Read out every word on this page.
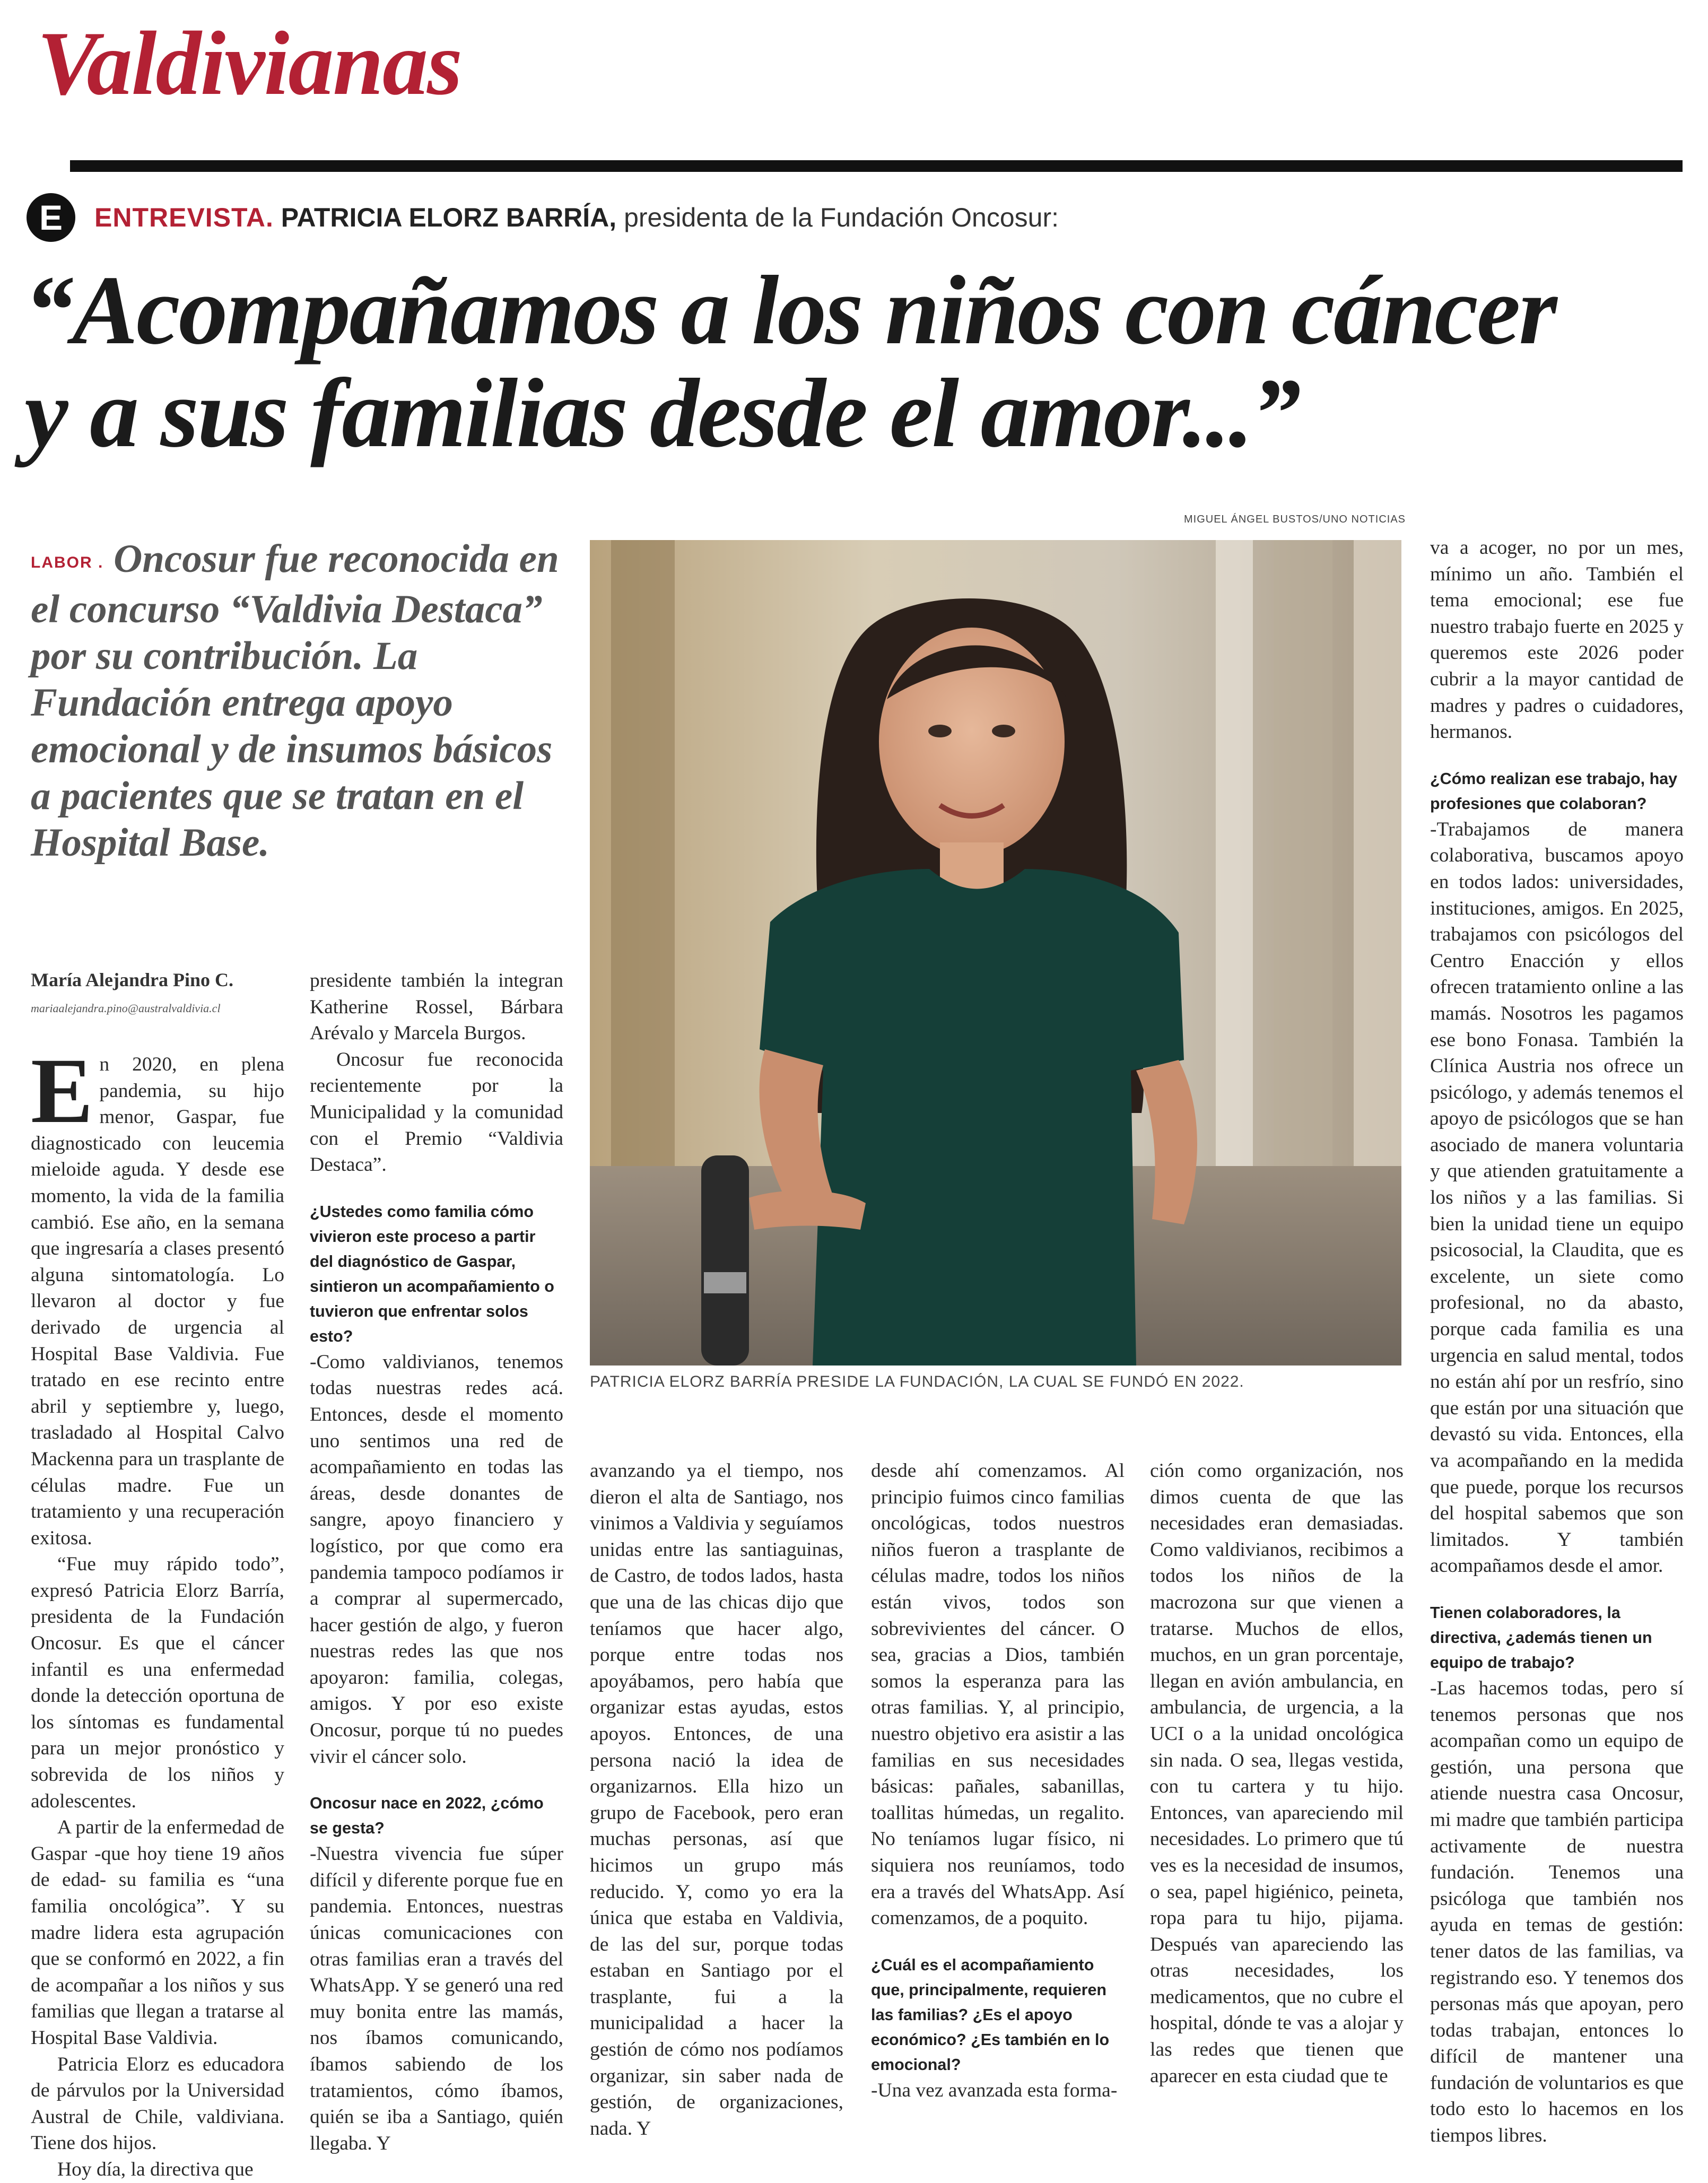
Valdivianas
E	ENTREVISTA. PATRICIA ELORZ BARRÍA, presidenta de la Fundación Oncosur:
“Acompañamos a los niños con cáncer
y a sus familias desde el amor...”
MIGUEL ÁNGEL BUSTOS/UNO NOTICIAS
LABOR . Oncosur fue reconocida en el concurso “Valdivia Destaca” por su contribución. La Fundación entrega apoyo emocional y de insumos básicos a pacientes que se tratan en el Hospital Base.
PATRICIA ELORZ BARRÍA PRESIDE LA FUNDACIÓN, LA CUAL SE FUNDÓ EN 2022.
María Alejandra Pino C.
mariaalejandra.pino@australvaldivia.cl

En 2020, en plena pandemia, su hijo menor, Gaspar, fue diagnosticado con leucemia mieloide aguda. Y desde ese momento, la vida de la familia cambió. Ese año, en la semana que ingresaría a clases presentó alguna sintomatología. Lo llevaron al doctor y fue derivado de urgencia al Hospital Base Valdivia. Fue tratado en ese recinto entre abril y septiembre y, luego, trasladado al Hospital Calvo Mackenna para un trasplante de células madre. Fue un tratamiento y una recuperación exitosa.

“Fue muy rápido todo”, expresó Patricia Elorz Barría, presidenta de la Fundación Oncosur. Es que el cáncer infantil es una enfermedad donde la detección oportuna de los síntomas es fundamental para un mejor pronóstico y sobrevida de los niños y adolescentes.

A partir de la enfermedad de Gaspar -que hoy tiene 19 años de edad- su familia es “una familia oncológica”. Y su madre lidera esta agrupación que se conformó en 2022, a fin de acompañar a los niños y sus familias que llegan a tratarse al Hospital Base Valdivia.

Patricia Elorz es educadora de párvulos por la Universidad Austral de Chile, valdiviana. Tiene dos hijos.

Hoy día, la directiva que

presidente también la integran Katherine Rossel, Bárbara Arévalo y Marcela Burgos.

Oncosur fue reconocida recientemente por la Municipalidad y la comunidad con el Premio “Valdivia Destaca”.

¿Ustedes como familia cómo vivieron este proceso a partir del diagnóstico de Gaspar, sintieron un acompañamiento o tuvieron que enfrentar solos esto?

-Como valdivianos, tenemos todas nuestras redes acá. Entonces, desde el momento uno sentimos una red de acompañamiento en todas las áreas, desde donantes de sangre, apoyo financiero y logístico, por que como era pandemia tampoco podíamos ir a comprar al supermercado, hacer gestión de algo, y fueron nuestras redes las que nos apoyaron: familia, colegas, amigos. Y por eso existe Oncosur, porque tú no puedes vivir el cáncer solo.

Oncosur nace en 2022, ¿cómo se gesta?

-Nuestra vivencia fue súper difícil y diferente porque fue en pandemia. Entonces, nuestras únicas comunicaciones con otras familias eran a través del WhatsApp. Y se generó una red muy bonita entre las mamás, nos íbamos comunicando, íbamos sabiendo de los tratamientos, cómo íbamos, quién se iba a Santiago, quién llegaba. Y

avanzando ya el tiempo, nos dieron el alta de Santiago, nos vinimos a Valdivia y seguíamos unidas entre las santiaguinas, de Castro, de todos lados, hasta que una de las chicas dijo que teníamos que hacer algo, porque entre todas nos apoyábamos, pero había que organizar estas ayudas, estos apoyos. Entonces, de una persona nació la idea de organizarnos. Ella hizo un grupo de Facebook, pero eran muchas personas, así que hicimos un grupo más reducido. Y, como yo era la única que estaba en Valdivia, de las del sur, porque todas estaban en Santiago por el trasplante, fui a la municipalidad a hacer la gestión de cómo nos podíamos organizar, sin saber nada de gestión, de organizaciones, nada. Y

desde ahí comenzamos. Al principio fuimos cinco familias oncológicas, todos nuestros niños fueron a trasplante de células madre, todos los niños están vivos, todos son sobrevivientes del cáncer. O sea, gracias a Dios, también somos la esperanza para las otras familias. Y, al principio, nuestro objetivo era asistir a las familias en sus necesidades básicas: pañales, sabanillas, toallitas húmedas, un regalito. No teníamos lugar físico, ni siquiera nos reuníamos, todo era a través del WhatsApp. Así comenzamos, de a poquito.

¿Cuál es el acompañamiento que, principalmente, requieren las familias? ¿Es el apoyo económico? ¿Es también en lo emocional?

-Una vez avanzada esta forma-

ción como organización, nos dimos cuenta de que las necesidades eran demasiadas. Como valdivianos, recibimos a todos los niños de la macrozona sur que vienen a tratarse. Muchos de ellos, muchos, en un gran porcentaje, llegan en avión ambulancia, en ambulancia, de urgencia, a la UCI o a la unidad oncológica sin nada. O sea, llegas vestida, con tu cartera y tu hijo. Entonces, van apareciendo mil necesidades. Lo primero que tú ves es la necesidad de insumos, o sea, papel higiénico, peineta, ropa para tu hijo, pijama. Después van apareciendo las otras necesidades, los medicamentos, que no cubre el hospital, dónde te vas a alojar y las redes que tienen que aparecer en esta ciudad que te

va a acoger, no por un mes, mínimo un año. También el tema emocional; ese fue nuestro trabajo fuerte en 2025 y queremos este 2026 poder cubrir a la mayor cantidad de madres y padres o cuidadores, hermanos.

¿Cómo realizan ese trabajo, hay profesiones que colaboran?

-Trabajamos de manera colaborativa, buscamos apoyo en todos lados: universidades, instituciones, amigos. En 2025, trabajamos con psicólogos del Centro Enacción y ellos ofrecen tratamiento online a las mamás. Nosotros les pagamos ese bono Fonasa. También la Clínica Austria nos ofrece un psicólogo, y además tenemos el apoyo de psicólogos que se han asociado de manera voluntaria y que atienden gratuitamente a los niños y a las familias. Si bien la unidad tiene un equipo psicosocial, la Claudita, que es excelente, un siete como profesional, no da abasto, porque cada familia es una urgencia en salud mental, todos no están ahí por un resfrío, sino que están por una situación que devastó su vida. Entonces, ella va acompañando en la medida que puede, porque los recursos del hospital sabemos que son limitados. Y también acompañamos desde el amor.

Tienen colaboradores, la directiva, ¿además tienen un equipo de trabajo?

-Las hacemos todas, pero sí tenemos personas que nos acompañan como un equipo de gestión, una persona que atiende nuestra casa Oncosur, mi madre que también participa activamente de nuestra fundación. Tenemos una psicóloga que también nos ayuda en temas de gestión: tener datos de las familias, va registrando eso. Y tenemos dos personas más que apoyan, pero todas trabajan, entonces lo difícil de mantener una fundación de voluntarios es que todo esto lo hacemos en los tiempos libres.
